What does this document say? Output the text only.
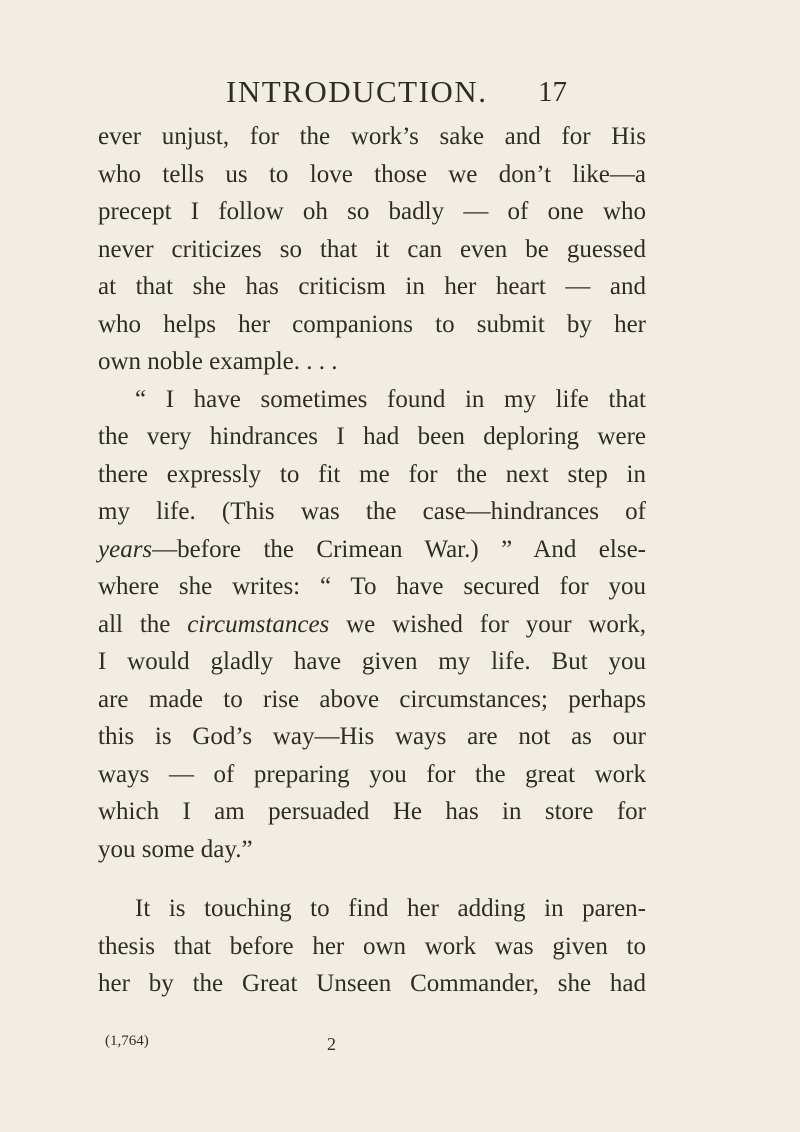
INTRODUCTION. 17
ever unjust, for the work’s sake and for His
who tells us to love those we don’t like—a
precept I follow oh so badly — of one who
never criticizes so that it can even be guessed
at that she has criticism in her heart — and
who helps her companions to submit by her
own noble example. . . .
“ I have sometimes found in my life that
the very hindrances I had been deploring were
there expressly to fit me for the next step in
my life. (This was the case—hindrances of
years—before the Crimean War.) ” And else-
where she writes: “ To have secured for you
all the circumstances we wished for your work,
I would gladly have given my life. But you
are made to rise above circumstances; perhaps
this is God’s way—His ways are not as our
ways — of preparing you for the great work
which I am persuaded He has in store for
you some day.”
It is touching to find her adding in paren-
thesis that before her own work was given to
her by the Great Unseen Commander, she had
(1,764)	2
